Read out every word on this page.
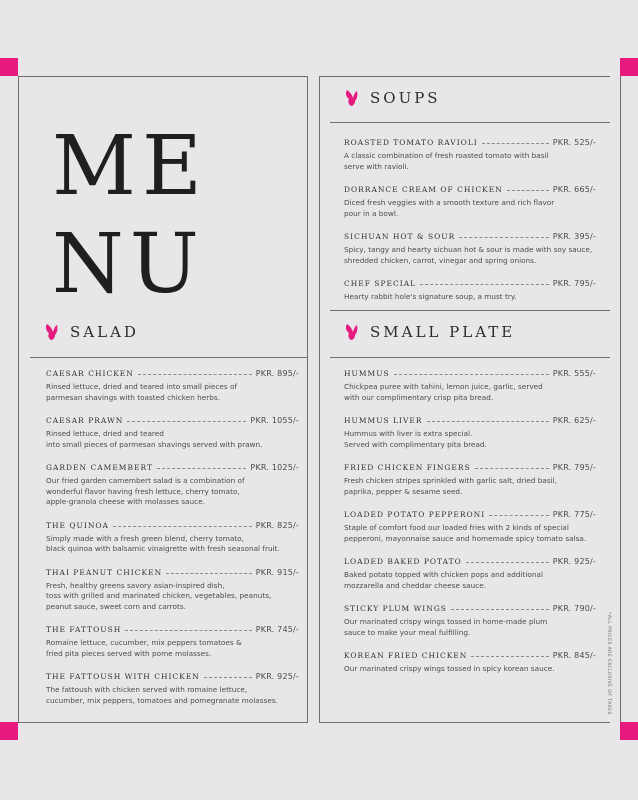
ME
NU
SOUPS
SALAD	SMALL PLATE
ROASTED TOMATO RAVIOLI	PKR. 525/-
A classic combination of fresh roasted tomato with basil
serve with ravioli.
DORRANCE CREAM OF CHICKEN	PKR. 665/-
Diced fresh veggies with a smooth texture and rich flavor
pour in a bowl.
SICHUAN HOT & SOUR	PKR. 395/-
Spicy, tangy and hearty sichuan hot & sour is made with soy sauce,
shredded chicken, carrot, vinegar and spring onions.
CHEF SPECIAL	PKR. 795/-
Hearty rabbit hole's signature soup, a must try.
CAESAR CHICKEN	PKR. 895/-
Rinsed lettuce, dried and teared into small pieces of
parmesan shavings with toasted chicken herbs.
CAESAR PRAWN	PKR. 1055/-
Rinsed lettuce, dried and teared
into small pieces of parmesan shavings served with prawn.
GARDEN CAMEMBERT	PKR. 1025/-
Our fried garden camembert salad is a combination of
wonderful flavor having fresh lettuce, cherry tomato,
apple-granola cheese with molasses sauce.
THE QUINOA	PKR. 825/-
Simply made with a fresh green blend, cherry tomato,
black quinoa with balsamic vinaigrette with fresh seasonal fruit.
THAI PEANUT CHICKEN	PKR. 915/-
Fresh, healthy greens savory asian-inspired dish,
toss with grilled and marinated chicken, vegetables, peanuts,
peanut sauce, sweet corn and carrots.
THE FATTOUSH	PKR. 745/-
Romaine lettuce, cucumber, mix peppers tomatoes &
fried pita pieces served with pome molasses.
THE FATTOUSH WITH CHICKEN	PKR. 925/-
The fattoush with chicken served with romaine lettuce,
cucumber, mix peppers, tomatoes and pomegranate molasses.
HUMMUS	PKR. 555/-
Chickpea puree with tahini, lemon juice, garlic, served
with our complimentary crisp pita bread.
HUMMUS LIVER	PKR. 625/-
Hummus with liver is extra special.
Served with complimentary pita bread.
FRIED CHICKEN FINGERS	PKR. 795/-
Fresh chicken stripes sprinkled with garlic salt, dried basil,
paprika, pepper & sesame seed.
LOADED POTATO PEPPERONI	PKR. 775/-
Staple of comfort food our loaded fries with 2 kinds of special
pepperoni, mayonnaise sauce and homemade spicy tomato salsa.
LOADED BAKED POTATO	PKR. 925/-
Baked potato topped with chicken pops and additional
mozzarella and cheddar cheese sauce.
STICKY PLUM WINGS	PKR. 790/-
Our marinated crispy wings tossed in home-made plum
sauce to make your meal fulfilling.
KOREAN FRIED CHICKEN	PKR. 845/-
Our marinated crispy wings tossed in spicy korean sauce.	*ALL PRICES ARE EXCLUSIVE OF TAXES
